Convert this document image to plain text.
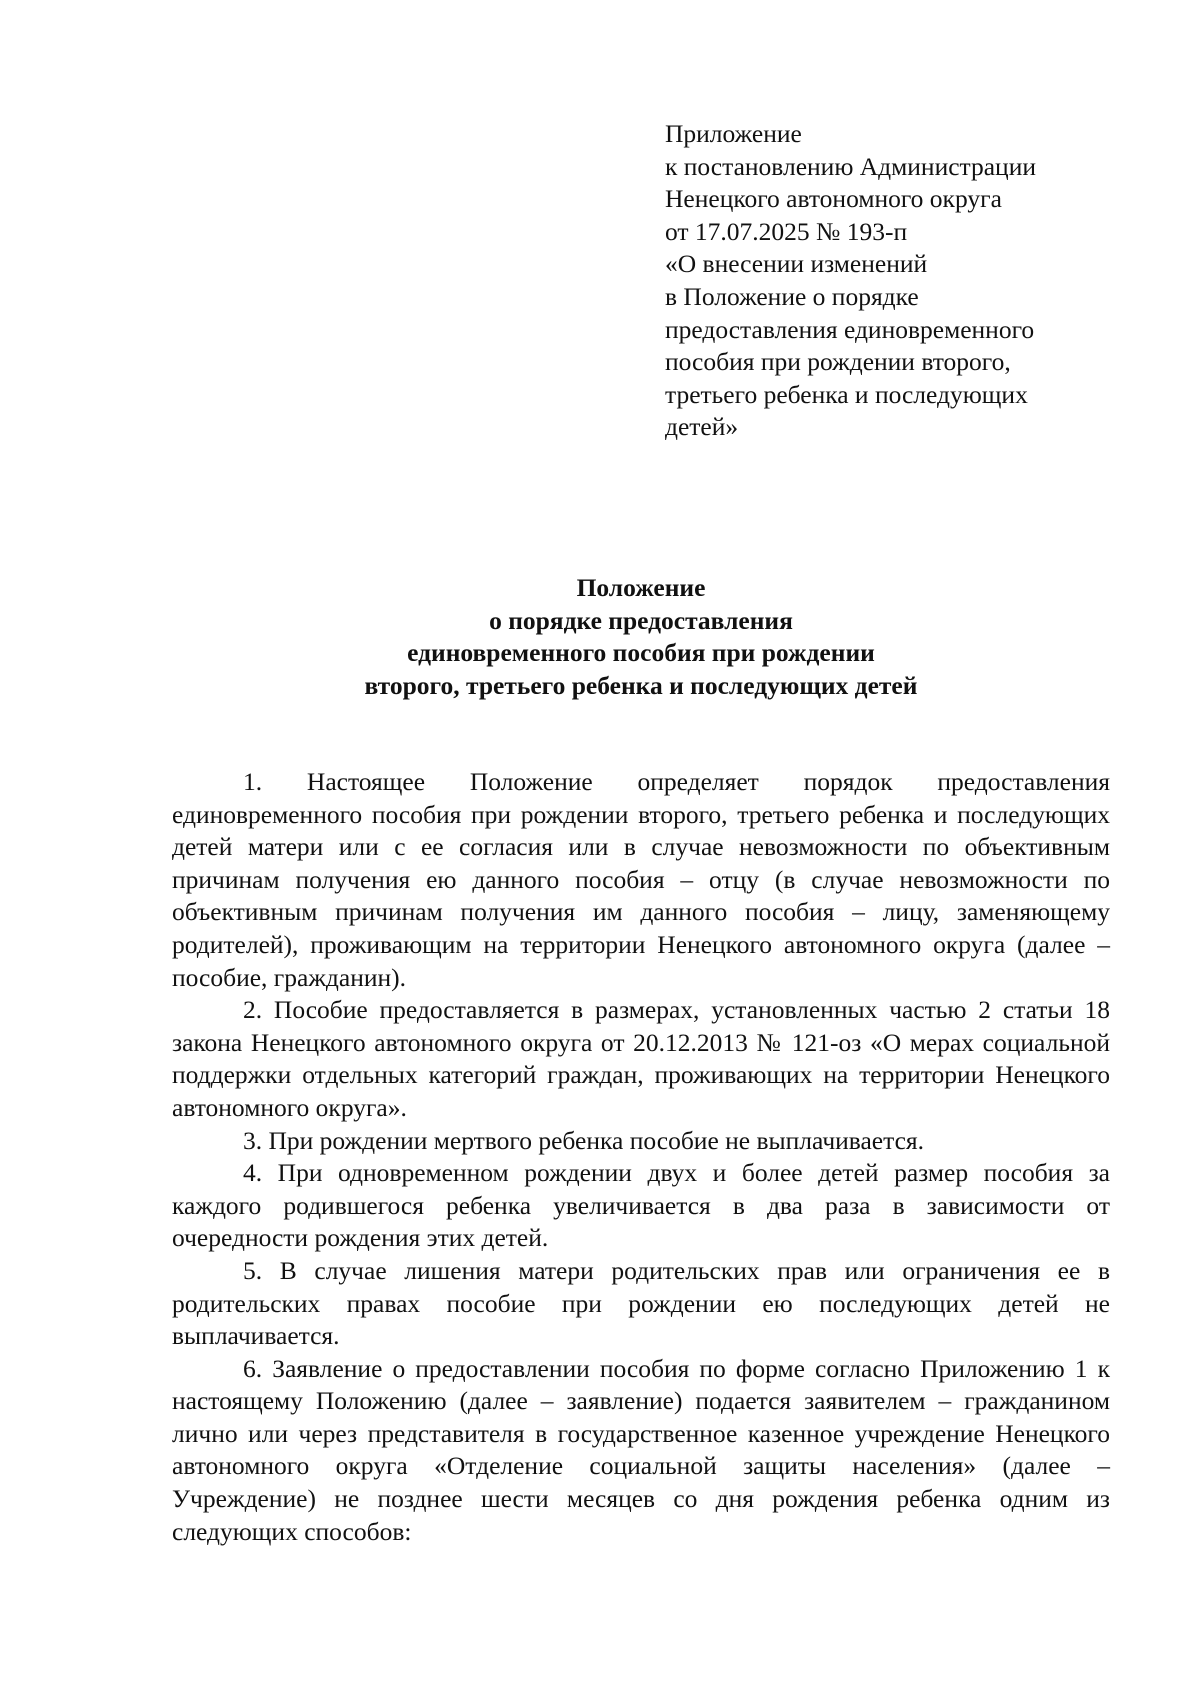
Приложение
к постановлению Администрации
Ненецкого автономного округа
от 17.07.2025 № 193-п
«О внесении изменений
в Положение о порядке
предоставления единовременного
пособия при рождении второго,
третьего ребенка и последующих
детей»
Положение
о порядке предоставления
единовременного пособия при рождении
второго, третьего ребенка и последующих детей

1. Настоящее Положение определяет порядок предоставления единовременного пособия при рождении второго, третьего ребенка и последующих детей матери или с ее согласия или в случае невозможности по объективным причинам получения ею данного пособия – отцу (в случае невозможности по объективным причинам получения им данного пособия – лицу, заменяющему родителей), проживающим на территории Ненецкого автономного округа (далее – пособие, гражданин).

2. Пособие предоставляется в размерах, установленных частью 2 статьи 18 закона Ненецкого автономного округа от 20.12.2013 № 121-оз «О мерах социальной поддержки отдельных категорий граждан, проживающих на территории Ненецкого автономного округа».

3. При рождении мертвого ребенка пособие не выплачивается.

4. При одновременном рождении двух и более детей размер пособия за каждого родившегося ребенка увеличивается в два раза в зависимости от очередности рождения этих детей.

5. В случае лишения матери родительских прав или ограничения ее в родительских правах пособие при рождении ею последующих детей не выплачивается.

6. Заявление о предоставлении пособия по форме согласно Приложению 1 к настоящему Положению (далее – заявление) подается заявителем – гражданином лично или через представителя в государственное казенное учреждение Ненецкого автономного округа «Отделение социальной защиты населения» (далее – Учреждение) не позднее шести месяцев со дня рождения ребенка одним из следующих способов:
